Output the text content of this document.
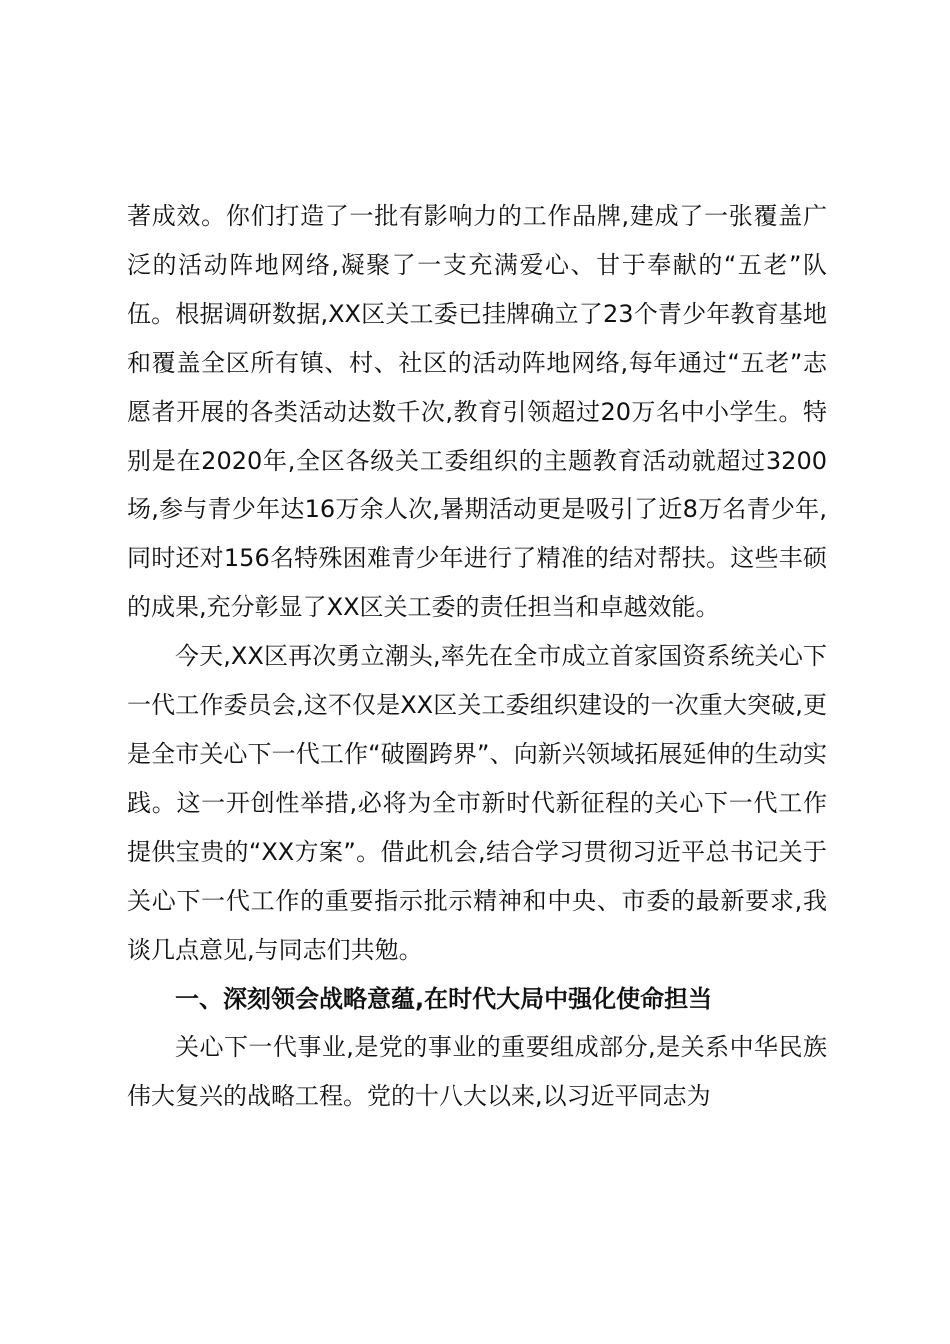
著成效。你们打造了一批有影响力的工作品牌,建成了一张覆盖广泛的活动阵地网络,凝聚了一支充满爱心、甘于奉献的“五老”队伍。根据调研数据,XX区关工委已挂牌确立了23个青少年教育基地和覆盖全区所有镇、村、社区的活动阵地网络,每年通过“五老”志愿者开展的各类活动达数千次,教育引领超过20万名中小学生。特别是在2020年,全区各级关工委组织的主题教育活动就超过3200场,参与青少年达16万余人次,暑期活动更是吸引了近8万名青少年,同时还对156名特殊困难青少年进行了精准的结对帮扶。这些丰硕的成果,充分彰显了XX区关工委的责任担当和卓越效能。

今天,XX区再次勇立潮头,率先在全市成立首家国资系统关心下一代工作委员会,这不仅是XX区关工委组织建设的一次重大突破,更是全市关心下一代工作“破圈跨界”、向新兴领域拓展延伸的生动实践。这一开创性举措,必将为全市新时代新征程的关心下一代工作提供宝贵的“XX方案”。借此机会,结合学习贯彻习近平总书记关于关心下一代工作的重要指示批示精神和中央、市委的最新要求,我谈几点意见,与同志们共勉。

一、深刻领会战略意蕴,在时代大局中强化使命担当

关心下一代事业,是党的事业的重要组成部分,是关系中华民族伟大复兴的战略工程。党的十八大以来,以习近平同志为
